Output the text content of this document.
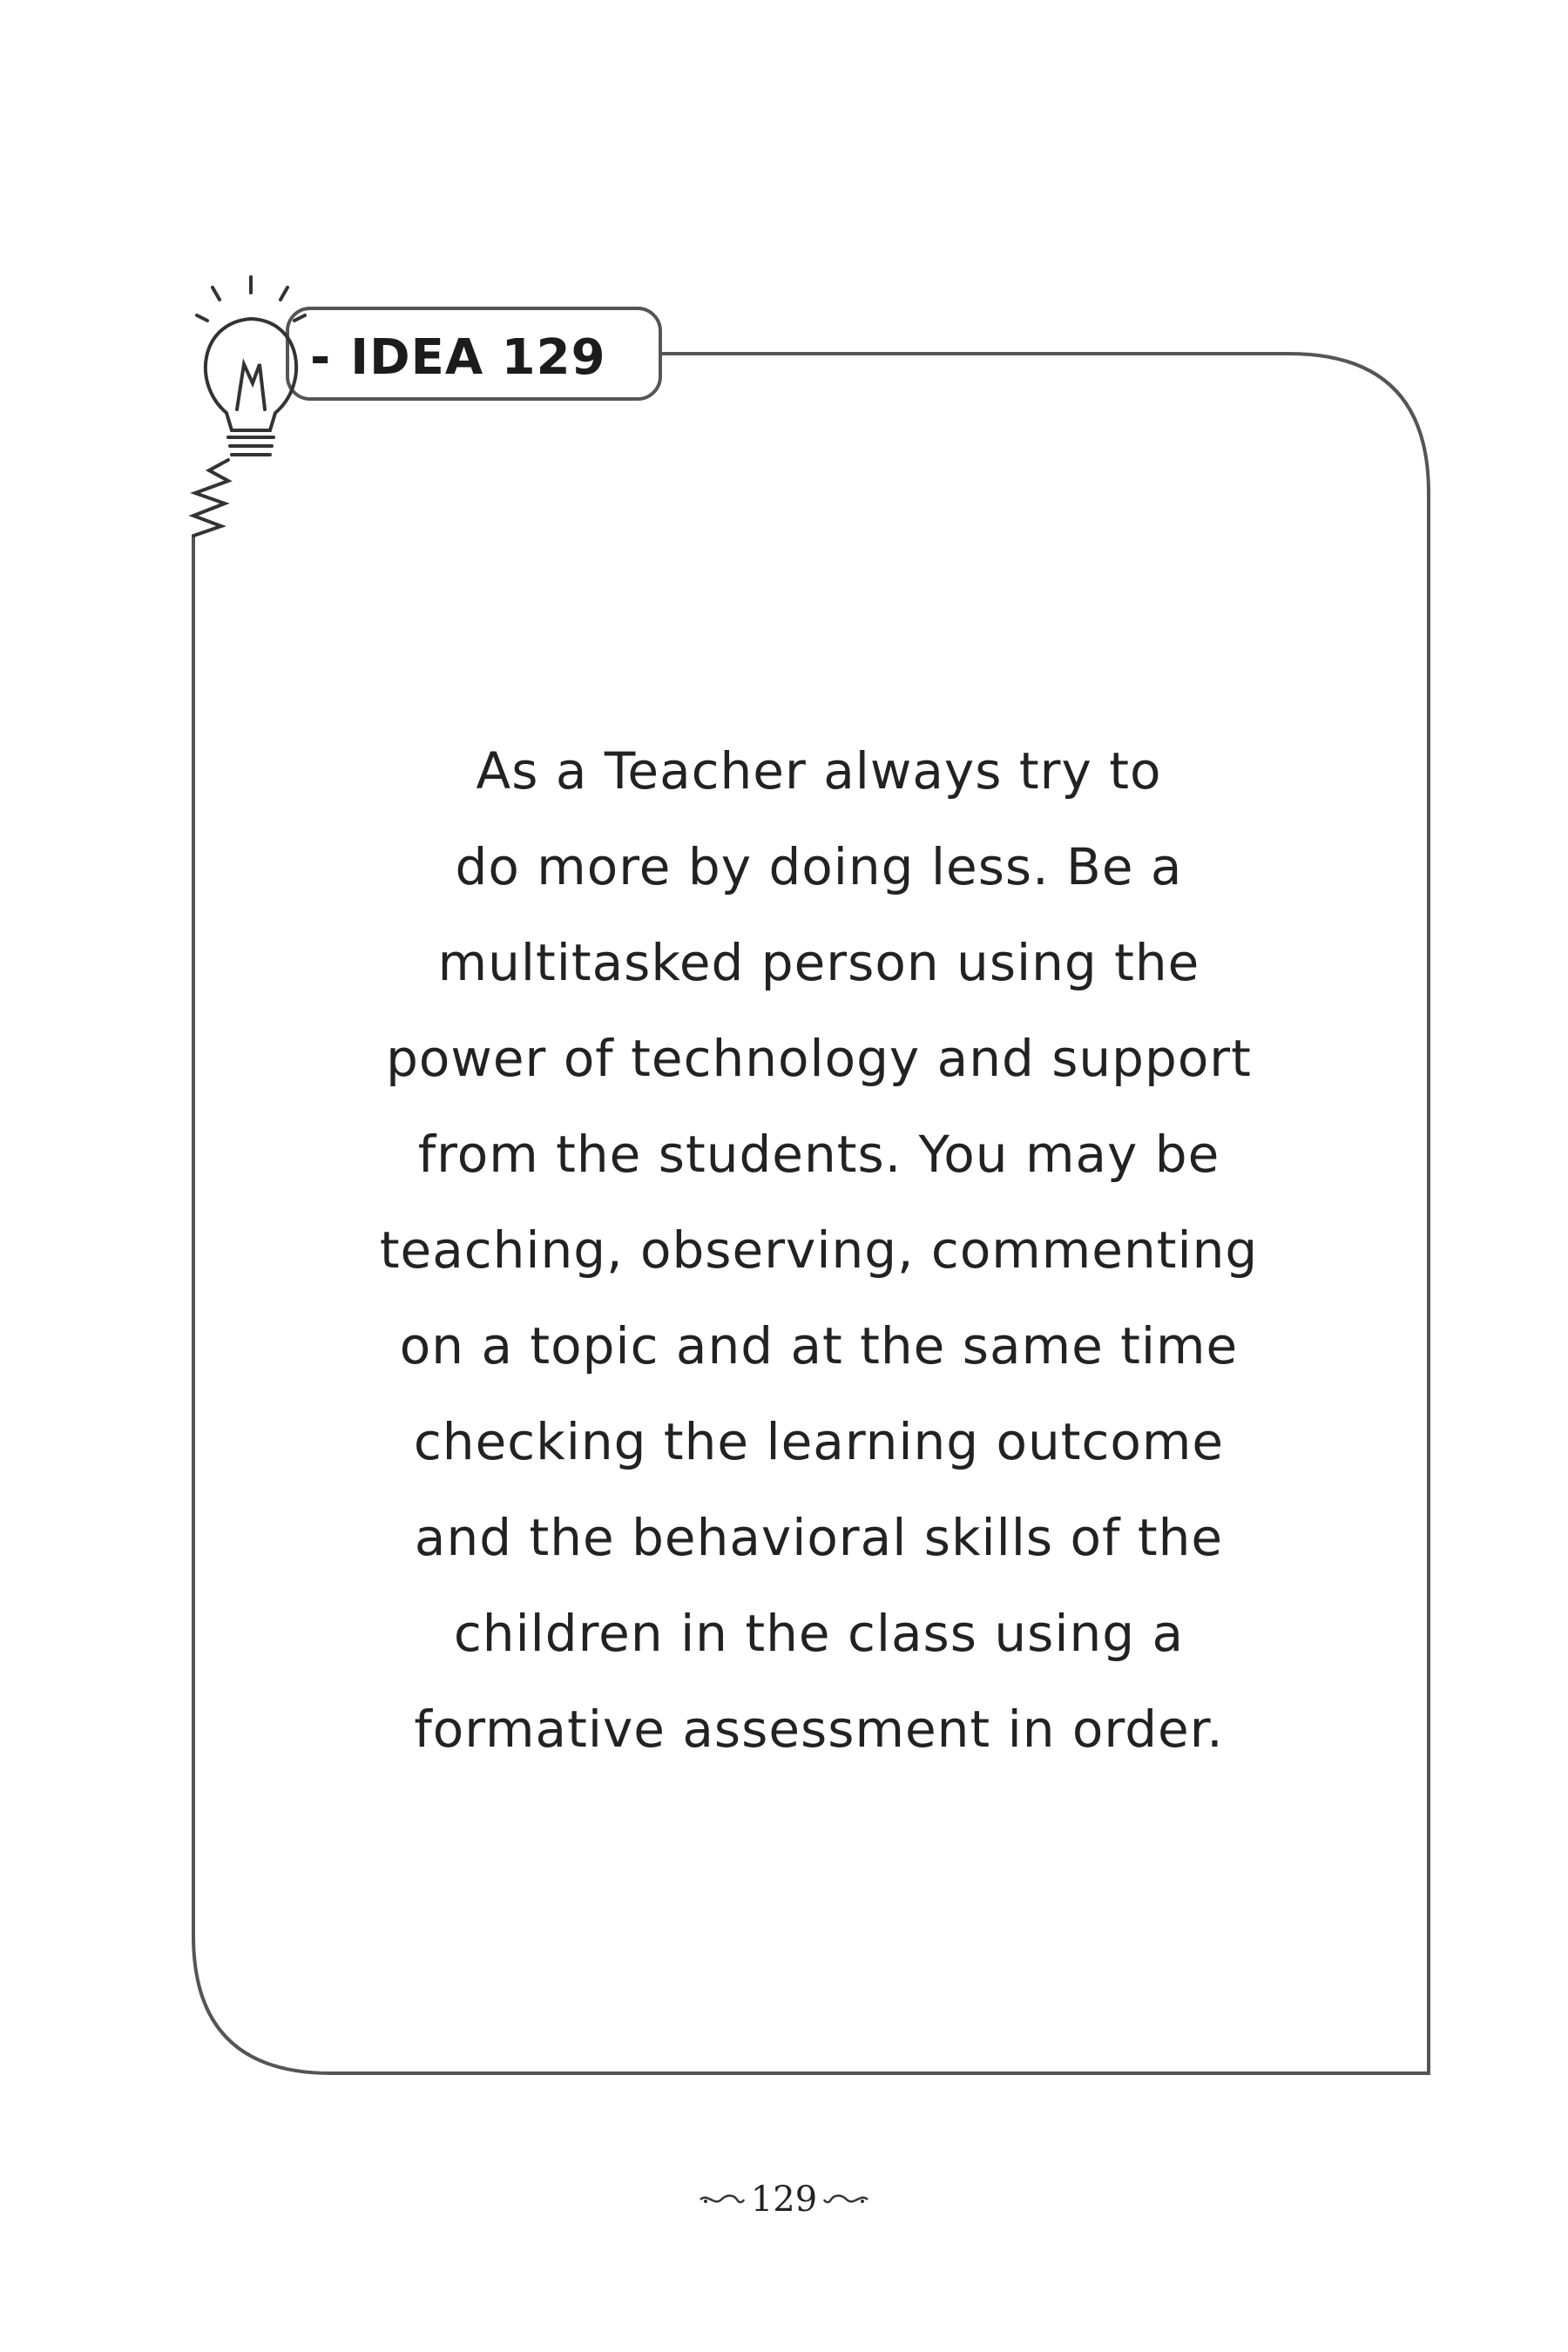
- IDEA 129
As a Teacher always try to
do more by doing less. Be a
multitasked person using the
power of technology and support
from the students. You may be
teaching, observing, commenting
on a topic and at the same time
checking the learning outcome
and the behavioral skills of the
children in the class using a
formative assessment in order.
129
